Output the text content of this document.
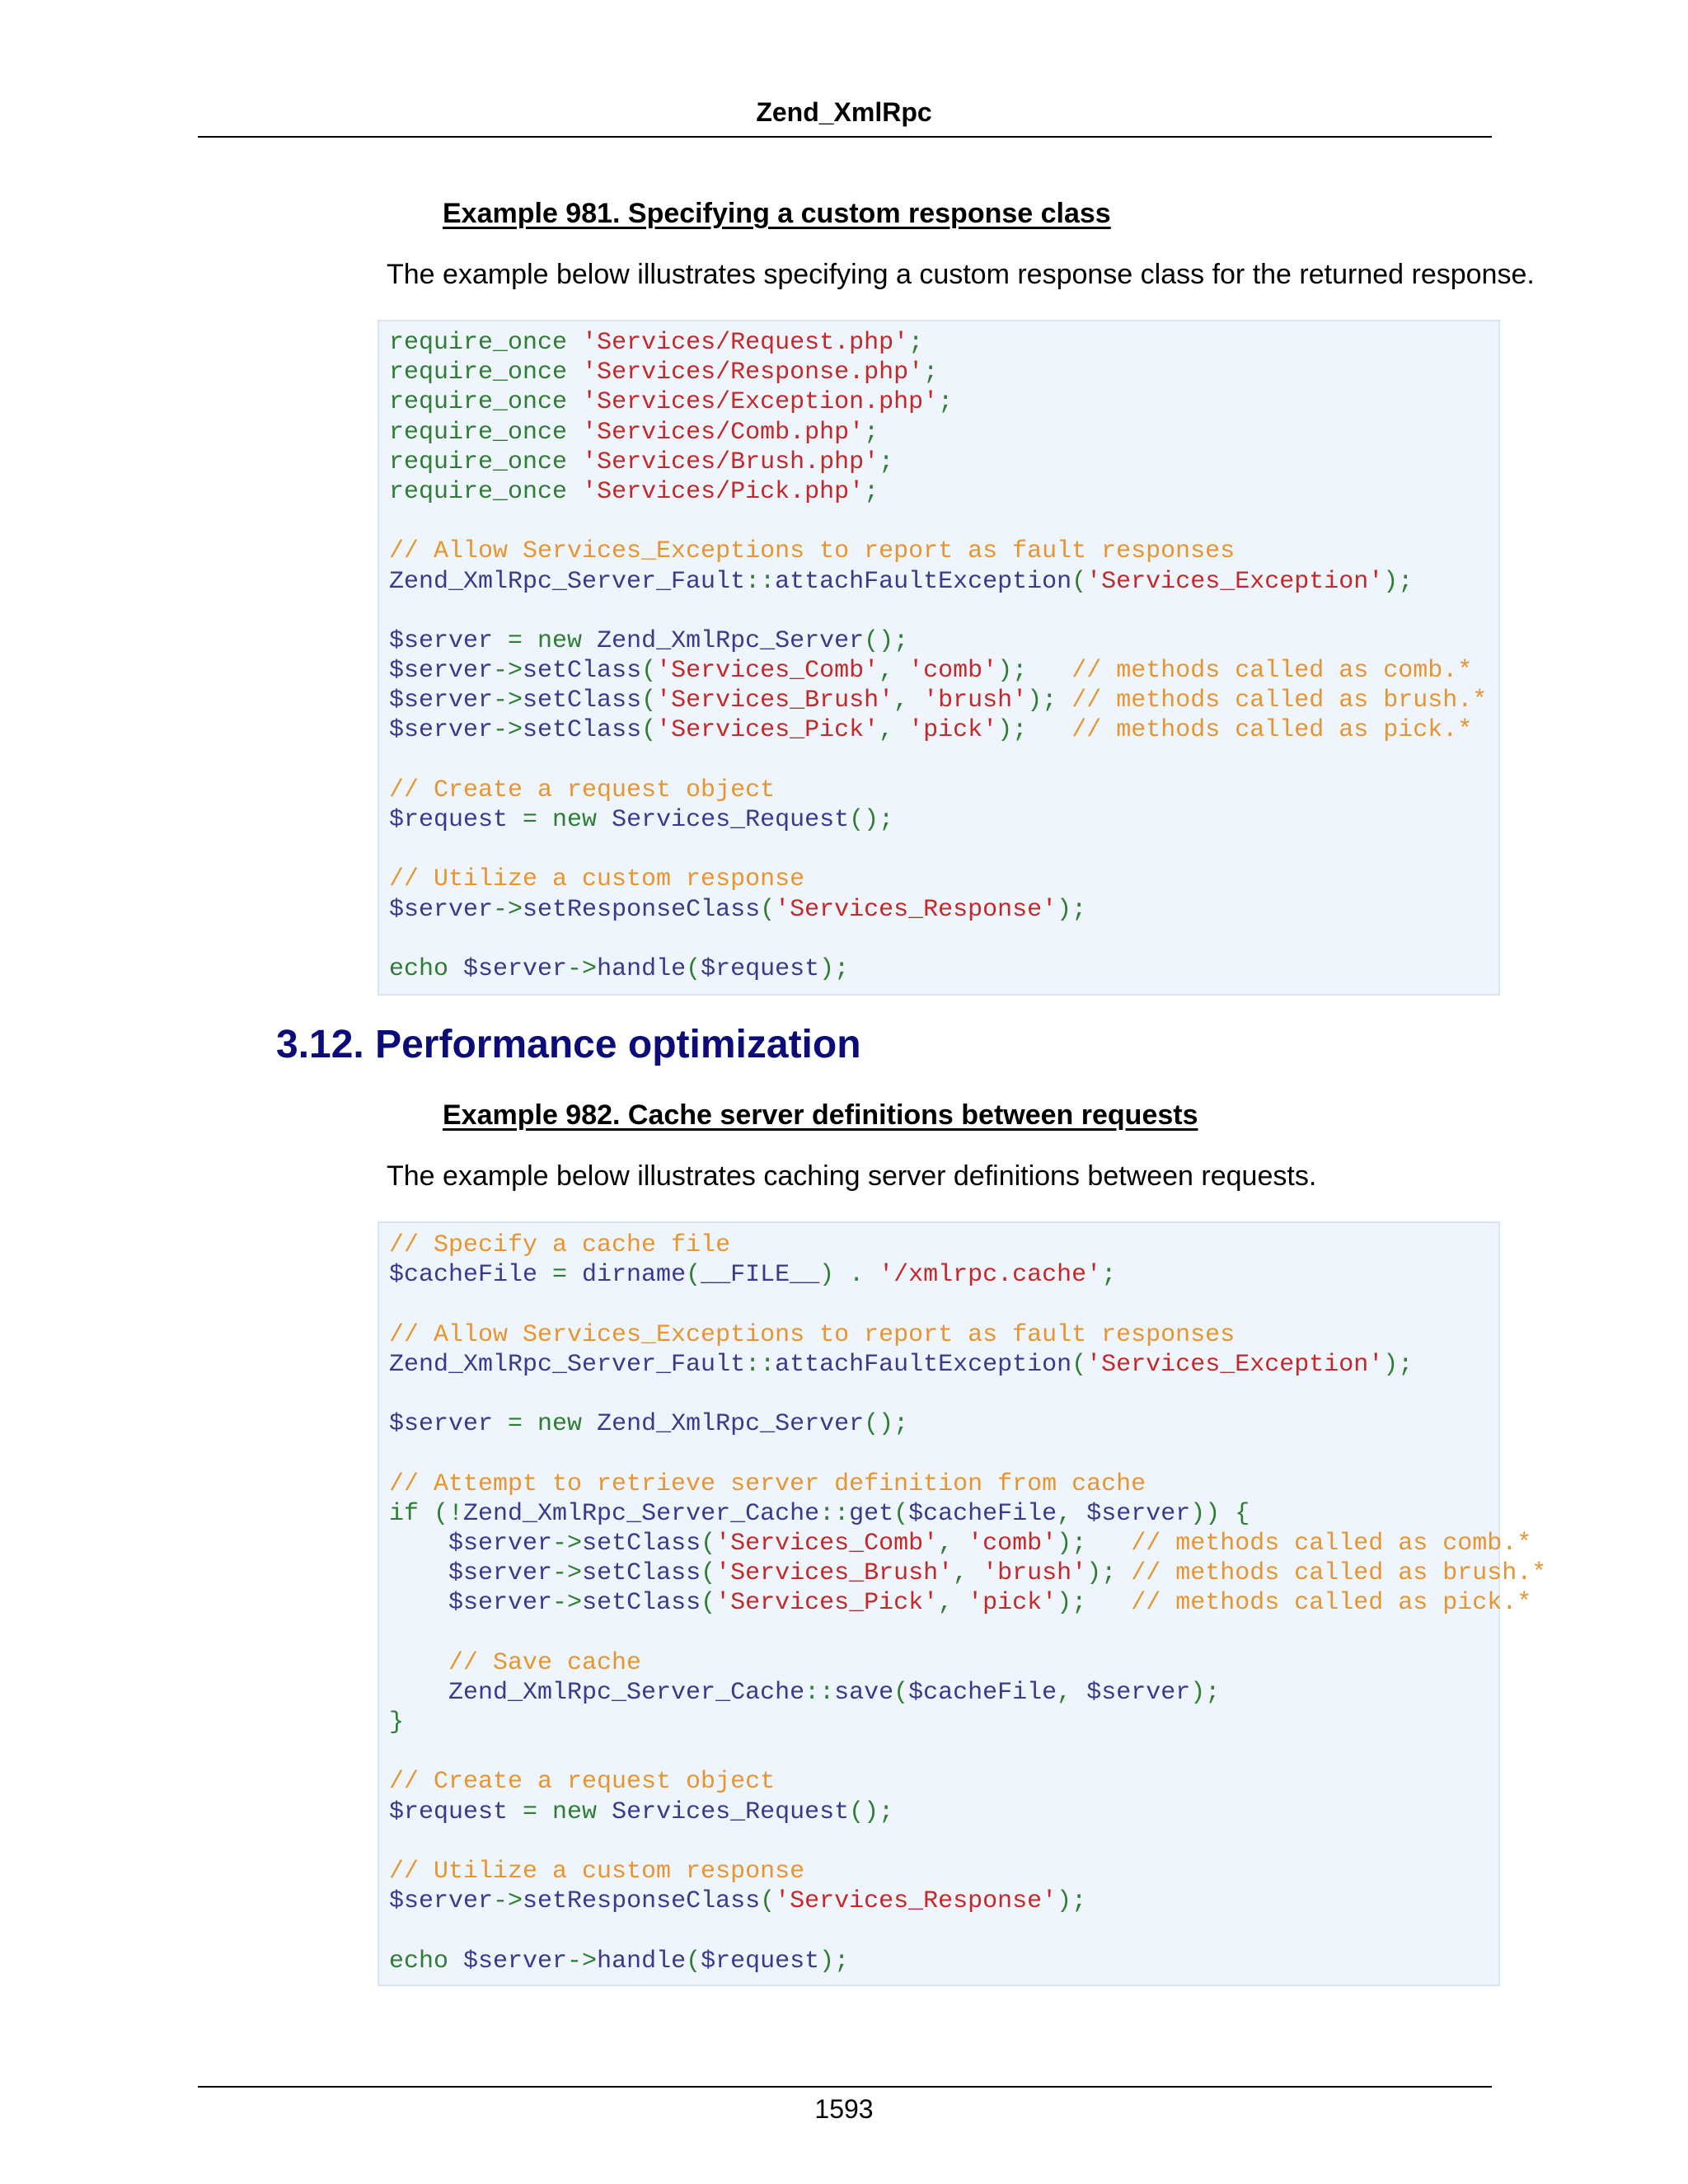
Zend_XmlRpc
Example 981. Specifying a custom response class
The example below illustrates specifying a custom response class for the returned response.
require_once 'Services/Request.php';
require_once 'Services/Response.php';
require_once 'Services/Exception.php';
require_once 'Services/Comb.php';
require_once 'Services/Brush.php';
require_once 'Services/Pick.php';

// Allow Services_Exceptions to report as fault responses
Zend_XmlRpc_Server_Fault::attachFaultException('Services_Exception');

$server = new Zend_XmlRpc_Server();
$server->setClass('Services_Comb', 'comb');   // methods called as comb.*
$server->setClass('Services_Brush', 'brush'); // methods called as brush.*
$server->setClass('Services_Pick', 'pick');   // methods called as pick.*

// Create a request object
$request = new Services_Request();

// Utilize a custom response
$server->setResponseClass('Services_Response');

echo $server->handle($request);
3.12. Performance optimization
Example 982. Cache server definitions between requests
The example below illustrates caching server definitions between requests.
// Specify a cache file
$cacheFile = dirname(__FILE__) . '/xmlrpc.cache';

// Allow Services_Exceptions to report as fault responses
Zend_XmlRpc_Server_Fault::attachFaultException('Services_Exception');

$server = new Zend_XmlRpc_Server();

// Attempt to retrieve server definition from cache
if (!Zend_XmlRpc_Server_Cache::get($cacheFile, $server)) {
$server->setClass('Services_Comb', 'comb');   // methods called as comb.*
$server->setClass('Services_Brush', 'brush'); // methods called as brush.*
$server->setClass('Services_Pick', 'pick');   // methods called as pick.*

// Save cache
Zend_XmlRpc_Server_Cache::save($cacheFile, $server);
}

// Create a request object
$request = new Services_Request();

// Utilize a custom response
$server->setResponseClass('Services_Response');

echo $server->handle($request);
1593
